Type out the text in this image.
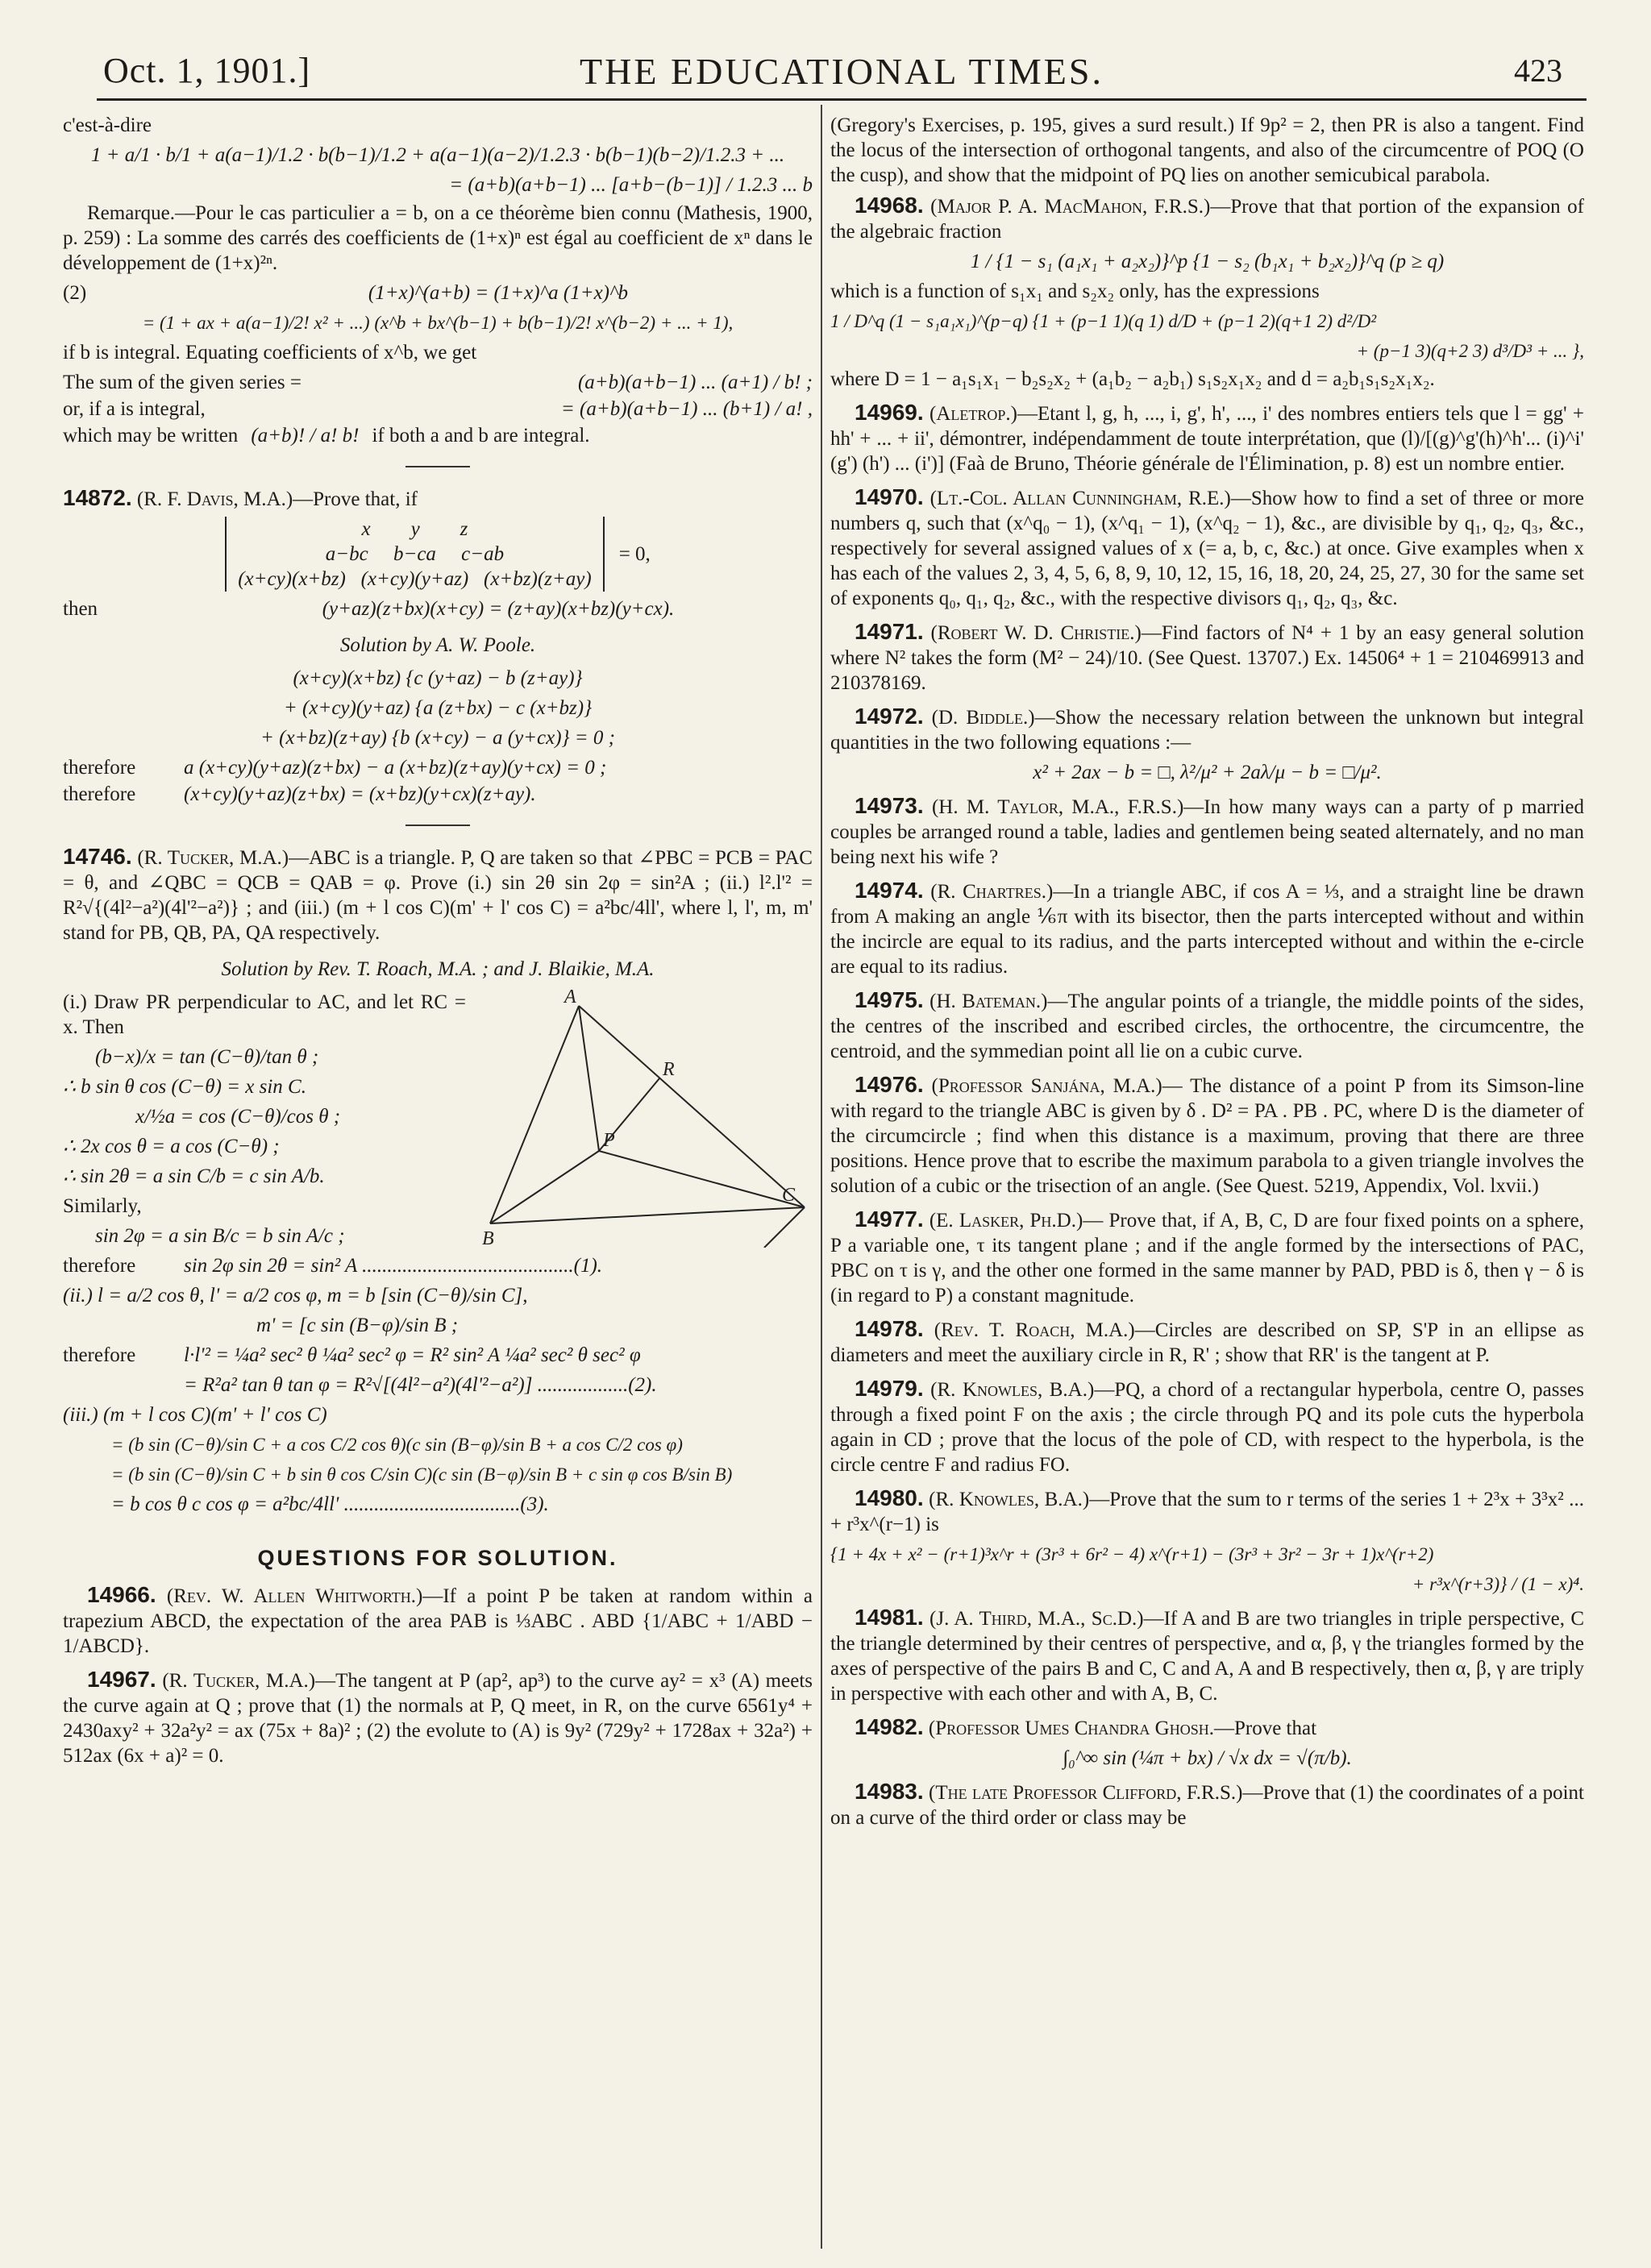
Oct. 1, 1901.]	THE EDUCATIONAL TIMES.	423

c'est-à-dire

1 + a/1 · b/1 + a(a−1)/1.2 · b(b−1)/1.2 + a(a−1)(a−2)/1.2.3 · b(b−1)(b−2)/1.2.3 + ...
= (a+b)(a+b−1) ... [a+b−(b−1)] / 1.2.3 ... b

Remarque.—Pour le cas particulier a = b, on a ce théorème bien connu (Mathesis, 1900, p. 259) : La somme des carrés des coefficients de (1+x)ⁿ est égal au coefficient de xⁿ dans le développement de (1+x)²ⁿ.

(2)	(1+x)^(a+b) = (1+x)^a (1+x)^b
= (1 + ax + a(a−1)/2! x² + ...) (x^b + bx^(b−1) + b(b−1)/2! x^(b−2) + ... + 1),

if b is integral. Equating coefficients of x^b, we get

The sum of the given series =	(a+b)(a+b−1) ... (a+1) / b! ;
or, if a is integral,	= (a+b)(a+b−1) ... (b+1) / a! ,
which may be written (a+b)! / a! b! if both a and b are integral.

14872. (R. F. Davis, M.A.)—Prove that, if

x        y        z
a−bc     b−ca     c−ab
(x+cy)(x+bz)   (x+cy)(y+az)   (x+bz)(z+ay)
= 0,
then	(y+az)(z+bx)(x+cy) = (z+ay)(x+bz)(y+cx).
Solution by A. W. Poole.
(x+cy)(x+bz) {c (y+az) − b (z+ay)}
+ (x+cy)(y+az) {a (z+bx) − c (x+bz)}
+ (x+bz)(z+ay) {b (x+cy) − a (y+cx)} = 0 ;
therefore	a (x+cy)(y+az)(z+bx) − a (x+bz)(z+ay)(y+cx) = 0 ;
therefore	(x+cy)(y+az)(z+bx) = (x+bz)(y+cx)(z+ay).

14746. (R. Tucker, M.A.)—ABC is a triangle. P, Q are taken so that ∠PBC = PCB = PAC = θ, and ∠QBC = QCB = QAB = φ. Prove (i.) sin 2θ sin 2φ = sin²A ; (ii.) l².l'² = R²√{(4l²−a²)(4l'²−a²)} ; and (iii.) (m + l cos C)(m' + l' cos C) = a²bc/4ll', where l, l', m, m' stand for PB, QB, PA, QA respectively.

Solution by Rev. T. Roach, M.A. ; and J. Blaikie, M.A.
A
B
C
P
R

(i.) Draw PR perpendicular to AC, and let RC = x. Then

(b−x)/x = tan (C−θ)/tan θ ;
∴ b sin θ cos (C−θ) = x sin C.
x/½a = cos (C−θ)/cos θ ;
∴ 2x cos θ = a cos (C−θ) ;
∴ sin 2θ = a sin C/b = c sin A/b.

Similarly,

sin 2φ = a sin B/c = b sin A/c ;
therefore	sin 2φ sin 2θ = sin² A ..........................................(1).
(ii.) l = a/2 cos θ, l' = a/2 cos φ, m = b [sin (C−θ)/sin C],
m' = [c sin (B−φ)/sin B ;
therefore	l·l'² = ¼a² sec² θ ¼a² sec² φ = R² sin² A ¼a² sec² θ sec² φ
= R²a² tan θ tan φ = R²√[(4l²−a²)(4l'²−a²)] ..................(2).
(iii.) (m + l cos C)(m' + l' cos C)
= (b sin (C−θ)/sin C + a cos C/2 cos θ)(c sin (B−φ)/sin B + a cos C/2 cos φ)
= (b sin (C−θ)/sin C + b sin θ cos C/sin C)(c sin (B−φ)/sin B + c sin φ cos B/sin B)
= b cos θ c cos φ = a²bc/4ll' ...................................(3).
QUESTIONS FOR SOLUTION.

14966. (Rev. W. Allen Whitworth.)—If a point P be taken at random within a trapezium ABCD, the expectation of the area PAB is ⅓ABC . ABD {1/ABC + 1/ABD − 1/ABCD}.

14967. (R. Tucker, M.A.)—The tangent at P (ap², ap³) to the curve ay² = x³ (A) meets the curve again at Q ; prove that (1) the normals at P, Q meet, in R, on the curve 6561y⁴ + 2430axy² + 32a²y² = ax (75x + 8a)² ; (2) the evolute to (A) is 9y² (729y² + 1728ax + 32a²) + 512ax (6x + a)² = 0.

(Gregory's Exercises, p. 195, gives a surd result.) If 9p² = 2, then PR is also a tangent. Find the locus of the intersection of orthogonal tangents, and also of the circumcentre of POQ (O the cusp), and show that the midpoint of PQ lies on another semicubical parabola.

14968. (Major P. A. MacMahon, F.R.S.)—Prove that that portion of the expansion of the algebraic fraction

1 / {1 − s₁ (a₁x₁ + a₂x₂)}^p {1 − s₂ (b₁x₁ + b₂x₂)}^q (p ≥ q)

which is a function of s₁x₁ and s₂x₂ only, has the expressions

1 / D^q (1 − s₁a₁x₁)^(p−q) {1 + (p−1 1)(q 1) d/D + (p−1 2)(q+1 2) d²/D²
+ (p−1 3)(q+2 3) d³/D³ + ... },

where D = 1 − a₁s₁x₁ − b₂s₂x₂ + (a₁b₂ − a₂b₁) s₁s₂x₁x₂ and d = a₂b₁s₁s₂x₁x₂.

14969. (Aletrop.)—Etant l, g, h, ..., i, g', h', ..., i' des nombres entiers tels que l = gg' + hh' + ... + ii', démontrer, indépendamment de toute interprétation, que (l)/[(g)^g'(h)^h'... (i)^i' (g') (h') ... (i')] (Faà de Bruno, Théorie générale de l'Élimination, p. 8) est un nombre entier.

14970. (Lt.-Col. Allan Cunningham, R.E.)—Show how to find a set of three or more numbers q, such that (x^q₀ − 1), (x^q₁ − 1), (x^q₂ − 1), &c., are divisible by q₁, q₂, q₃, &c., respectively for several assigned values of x (= a, b, c, &c.) at once. Give examples when x has each of the values 2, 3, 4, 5, 6, 8, 9, 10, 12, 15, 16, 18, 20, 24, 25, 27, 30 for the same set of exponents q₀, q₁, q₂, &c., with the respective divisors q₁, q₂, q₃, &c.

14971. (Robert W. D. Christie.)—Find factors of N⁴ + 1 by an easy general solution where N² takes the form (M² − 24)/10. (See Quest. 13707.) Ex. 14506⁴ + 1 = 210469913 and 210378169.

14972. (D. Biddle.)—Show the necessary relation between the unknown but integral quantities in the two following equations :—

x² + 2ax − b = □, λ²/μ² + 2aλ/μ − b = □/μ².

14973. (H. M. Taylor, M.A., F.R.S.)—In how many ways can a party of p married couples be arranged round a table, ladies and gentlemen being seated alternately, and no man being next his wife ?

14974. (R. Chartres.)—In a triangle ABC, if cos A = ⅓, and a straight line be drawn from A making an angle ⅙π with its bisector, then the parts intercepted without and within the incircle are equal to its radius, and the parts intercepted without and within the e-circle are equal to its radius.

14975. (H. Bateman.)—The angular points of a triangle, the middle points of the sides, the centres of the inscribed and escribed circles, the orthocentre, the circumcentre, the centroid, and the symmedian point all lie on a cubic curve.

14976. (Professor Sanjána, M.A.)— The distance of a point P from its Simson-line with regard to the triangle ABC is given by δ . D² = PA . PB . PC, where D is the diameter of the circumcircle ; find when this distance is a maximum, proving that there are three positions. Hence prove that to escribe the maximum parabola to a given triangle involves the solution of a cubic or the trisection of an angle. (See Quest. 5219, Appendix, Vol. lxvii.)

14977. (E. Lasker, Ph.D.)— Prove that, if A, B, C, D are four fixed points on a sphere, P a variable one, τ its tangent plane ; and if the angle formed by the intersections of PAC, PBC on τ is γ, and the other one formed in the same manner by PAD, PBD is δ, then γ − δ is (in regard to P) a constant magnitude.

14978. (Rev. T. Roach, M.A.)—Circles are described on SP, S'P in an ellipse as diameters and meet the auxiliary circle in R, R' ; show that RR' is the tangent at P.

14979. (R. Knowles, B.A.)—PQ, a chord of a rectangular hyperbola, centre O, passes through a fixed point F on the axis ; the circle through PQ and its pole cuts the hyperbola again in CD ; prove that the locus of the pole of CD, with respect to the hyperbola, is the circle centre F and radius FO.

14980. (R. Knowles, B.A.)—Prove that the sum to r terms of the series 1 + 2³x + 3³x² ... + r³x^(r−1) is

{1 + 4x + x² − (r+1)³x^r + (3r³ + 6r² − 4) x^(r+1) − (3r³ + 3r² − 3r + 1)x^(r+2)
+ r³x^(r+3)} / (1 − x)⁴.

14981. (J. A. Third, M.A., Sc.D.)—If A and B are two triangles in triple perspective, C the triangle determined by their centres of perspective, and α, β, γ the triangles formed by the axes of perspective of the pairs B and C, C and A, A and B respectively, then α, β, γ are triply in perspective with each other and with A, B, C.

14982. (Professor Umes Chandra Ghosh.—Prove that

∫₀^∞ sin (¼π + bx) / √x dx = √(π/b).

14983. (The late Professor Clifford, F.R.S.)—Prove that (1) the coordinates of a point on a curve of the third order or class may be
